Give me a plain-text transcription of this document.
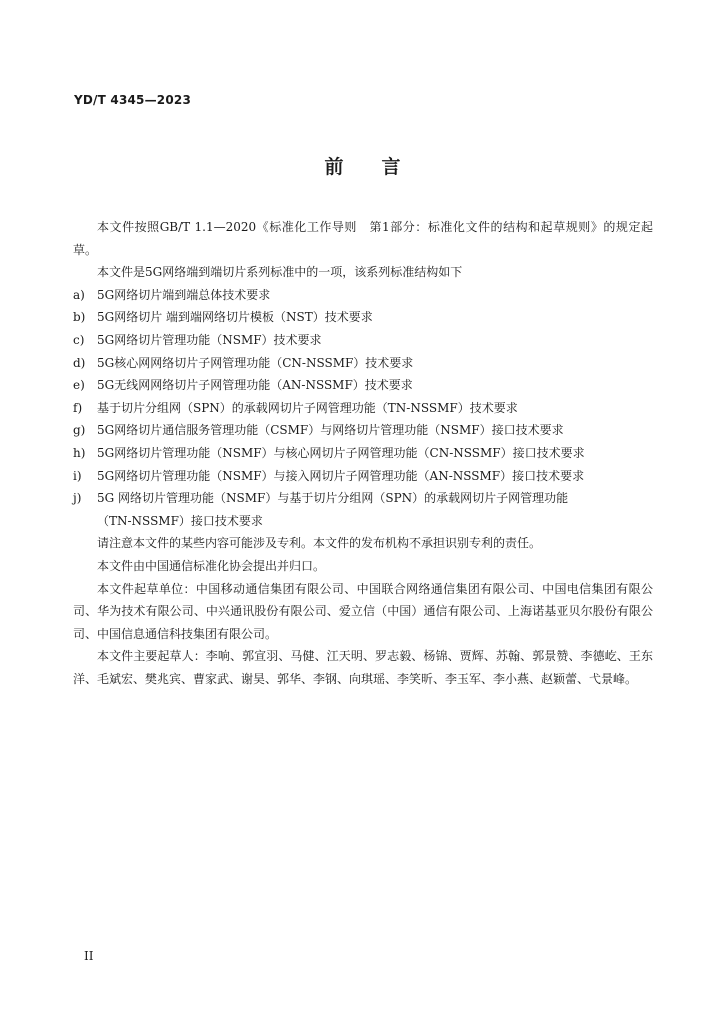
YD/T 4345—2023
前 言

本文件按照GB/T 1.1—2020《标准化工作导则　第1部分：标准化文件的结构和起草规则》的规定起草。

本文件是5G网络端到端切片系列标准中的一项，该系列标准结构如下

a)	5G网络切片端到端总体技术要求
b) 5G网络切片 端到端网络切片模板（NST）技术要求
c)	5G网络切片管理功能（NSMF）技术要求
d) 5G核心网网络切片子网管理功能（CN-NSSMF）技术要求
e)	5G无线网网络切片子网管理功能（AN-NSSMF）技术要求
f)	基于切片分组网（SPN）的承载网切片子网管理功能（TN-NSSMF）技术要求
g) 5G网络切片通信服务管理功能（CSMF）与网络切片管理功能（NSMF）接口技术要求
h) 5G网络切片管理功能（NSMF）与核心网切片子网管理功能（CN-NSSMF）接口技术要求
i)	5G网络切片管理功能（NSMF）与接入网切片子网管理功能（AN-NSSMF）接口技术要求
j)	5G 网络切片管理功能（NSMF）与基于切片分组网（SPN）的承载网切片子网管理功能
（TN-NSSMF）接口技术要求

请注意本文件的某些内容可能涉及专利。本文件的发布机构不承担识别专利的责任。

本文件由中国通信标准化协会提出并归口。

本文件起草单位：中国移动通信集团有限公司、中国联合网络通信集团有限公司、中国电信集团有限公司、华为技术有限公司、中兴通讯股份有限公司、爱立信（中国）通信有限公司、上海诺基亚贝尔股份有限公司、中国信息通信科技集团有限公司。

本文件主要起草人：李响、郭宣羽、马健、江天明、罗志毅、杨锦、贾辉、苏翰、郭景赞、李德屹、王东洋、毛斌宏、樊兆宾、曹家武、谢昊、郭华、李钢、向琪瑶、李笑昕、李玉军、李小燕、赵颖蕾、弋景峰。

II
